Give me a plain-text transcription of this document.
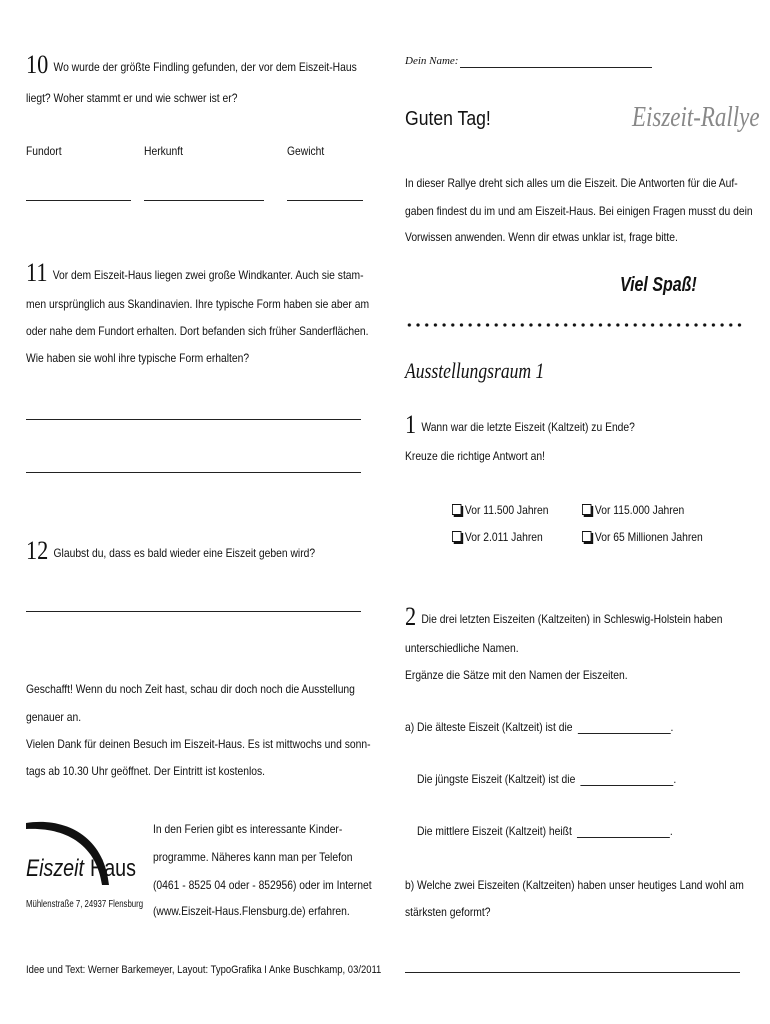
10 Wo wurde der größte Findling gefunden, der vor dem Eiszeit-Haus
liegt? Woher stammt er und wie schwer ist er?
Fundort	Herkunft	Gewicht
11 Vor dem Eiszeit-Haus liegen zwei große Windkanter. Auch sie stam-
men ursprünglich aus Skandinavien. Ihre typische Form haben sie aber am
oder nahe dem Fundort erhalten. Dort befanden sich früher Sanderflächen.
Wie haben sie wohl ihre typische Form erhalten?
12 Glaubst du, dass es bald wieder eine Eiszeit geben wird?
Geschafft! Wenn du noch Zeit hast, schau dir doch noch die Ausstellung
genauer an.
Vielen Dank für deinen Besuch im Eiszeit-Haus. Es ist mittwochs und sonn-
tags ab 10.30 Uhr geöffnet. Der Eintritt ist kostenlos.
Eiszeit Haus
Mühlenstraße 7, 24937 Flensburg
In den Ferien gibt es interessante Kinder-
programme. Näheres kann man per Telefon
(0461 - 8525 04 oder - 852956) oder im Internet
(www.Eiszeit-Haus.Flensburg.de) erfahren.
Idee und Text: Werner Barkemeyer, Layout: TypoGrafika I Anke Buschkamp, 03/2011
Dein Name:
Guten Tag!	Eiszeit-Rallye
In dieser Rallye dreht sich alles um die Eiszeit. Die Antworten für die Auf-
gaben findest du im und am Eiszeit-Haus. Bei einigen Fragen musst du dein
Vorwissen anwenden. Wenn dir etwas unklar ist, frage bitte.
Viel Spaß!
Ausstellungsraum 1
1 Wann war die letzte Eiszeit (Kaltzeit) zu Ende?
Kreuze die richtige Antwort an!
Vor 11.500 Jahren	Vor 115.000 Jahren
Vor 2.011 Jahren	Vor 65 Millionen Jahren
2 Die drei letzten Eiszeiten (Kaltzeiten) in Schleswig-Holstein haben
unterschiedliche Namen.
Ergänze die Sätze mit den Namen der Eiszeiten.
a) Die älteste Eiszeit (Kaltzeit) ist die	.
Die jüngste Eiszeit (Kaltzeit) ist die	.
Die mittlere Eiszeit (Kaltzeit) heißt	.
b) Welche zwei Eiszeiten (Kaltzeiten) haben unser heutiges Land wohl am
stärksten geformt?
